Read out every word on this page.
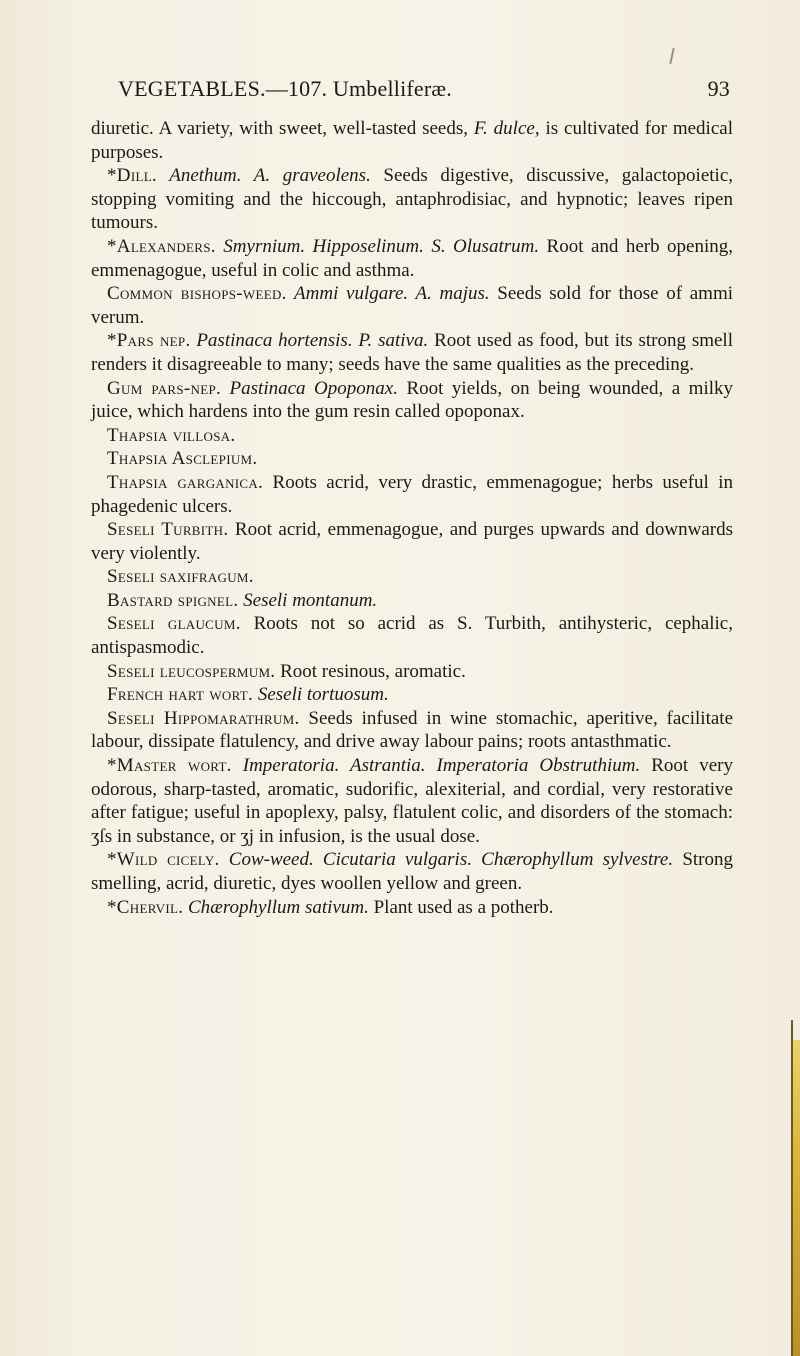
VEGETABLES.—107. Umbelliferæ.	93

diuretic. A variety, with sweet, well-tasted seeds, F. dulce, is cultivated for medical purposes.

*Dill. Anethum. A. graveolens. Seeds digestive, discussive, galactopoietic, stopping vomiting and the hiccough, antaphrodisiac, and hypnotic; leaves ripen tumours.

*Alexanders. Smyrnium. Hipposelinum. S. Olusatrum. Root and herb opening, emmenagogue, useful in colic and asthma.

Common bishops-weed. Ammi vulgare. A. majus. Seeds sold for those of ammi verum.

*Pars nep. Pastinaca hortensis. P. sativa. Root used as food, but its strong smell renders it disagreeable to many; seeds have the same qualities as the preceding.

Gum pars-nep. Pastinaca Opoponax. Root yields, on being wounded, a milky juice, which hardens into the gum resin called opoponax.

Thapsia villosa.

Thapsia Asclepium.

Thapsia garganica. Roots acrid, very drastic, emmenagogue; herbs useful in phagedenic ulcers.

Seseli Turbith. Root acrid, emmenagogue, and purges upwards and downwards very violently.

Seseli saxifragum.

Bastard spignel. Seseli montanum.

Seseli glaucum. Roots not so acrid as S. Turbith, antihysteric, cephalic, antispasmodic.

Seseli leucospermum. Root resinous, aromatic.

French hart wort. Seseli tortuosum.

Seseli Hippomarathrum. Seeds infused in wine stomachic, aperitive, facilitate labour, dissipate flatulency, and drive away labour pains; roots antasthmatic.

*Master wort. Imperatoria. Astrantia. Imperatoria Obstruthium. Root very odorous, sharp-tasted, aromatic, sudorific, alexiterial, and cordial, very restorative after fatigue; useful in apoplexy, palsy, flatulent colic, and disorders of the stomach: ʒſs in substance, or ʒj in infusion, is the usual dose.

*Wild cicely. Cow-weed. Cicutaria vulgaris. Chærophyllum sylvestre. Strong smelling, acrid, diuretic, dyes woollen yellow and green.

*Chervil. Chærophyllum sativum. Plant used as a potherb.
